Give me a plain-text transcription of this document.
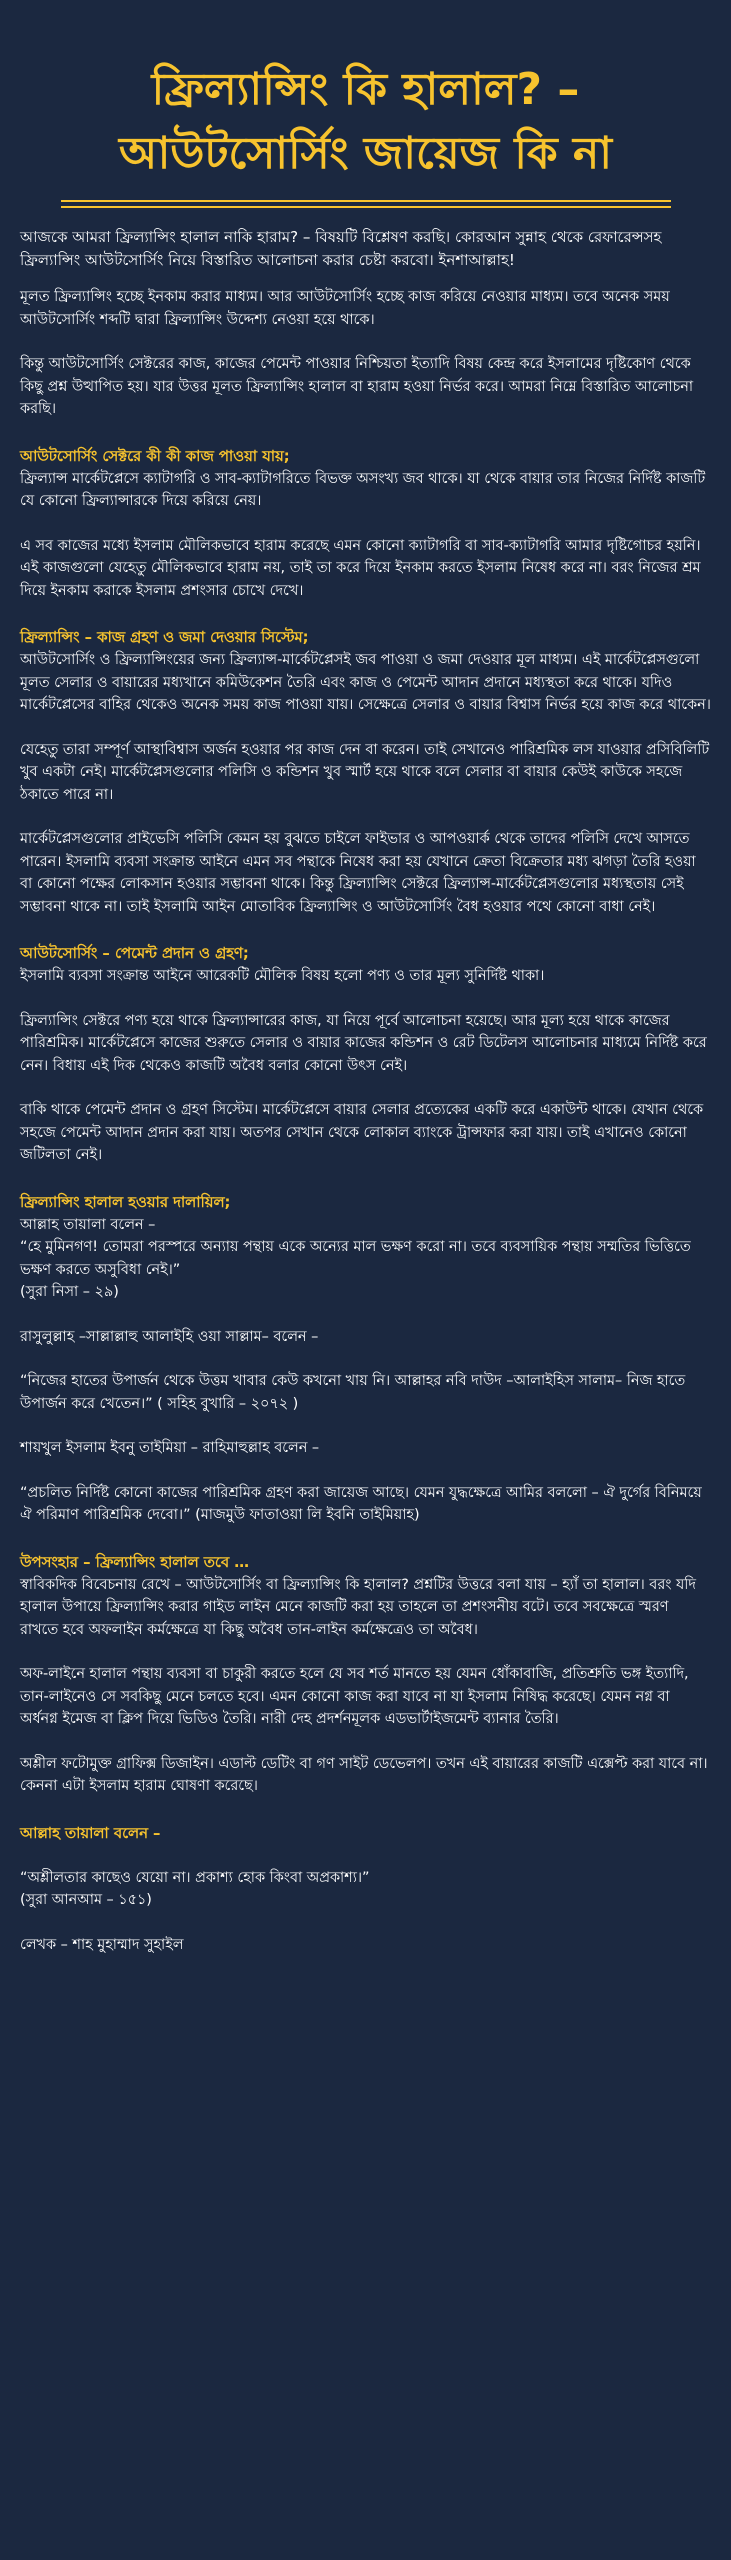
ফ্রিল্যান্সিং কি হালাল? –
আউটসোর্সিং জায়েজ কি না

আজকে আমরা ফ্রিল্যান্সিং হালাল নাকি হারাম? – বিষয়টি বিশ্লেষণ করছি। কোরআন সুন্নাহ থেকে রেফারেন্সসহ ফ্রিল্যান্সিং আউটসোর্সিং নিয়ে বিস্তারিত আলোচনা করার চেষ্টা করবো। ইনশাআল্লাহ!

মূলত ফ্রিল্যান্সিং হচ্ছে ইনকাম করার মাধ্যম। আর আউটসোর্সিং হচ্ছে কাজ করিয়ে নেওয়ার মাধ্যম। তবে অনেক সময় আউটসোর্সিং শব্দটি দ্বারা ফ্রিল্যান্সিং উদ্দেশ্য নেওয়া হয়ে থাকে।

কিন্তু আউটসোর্সিং সেক্টরের কাজ, কাজের পেমেন্ট পাওয়ার নিশ্চিয়তা ইত্যাদি বিষয় কেন্দ্র করে ইসলামের দৃষ্টিকোণ থেকে কিছু প্রশ্ন উত্থাপিত হয়। যার উত্তর মূলত ফ্রিল্যান্সিং হালাল বা হারাম হওয়া নির্ভর করে। আমরা নিম্নে বিস্তারিত আলোচনা করছি।

আউটসোর্সিং সেক্টরে কী কী কাজ পাওয়া যায়;

ফ্রিল্যান্স মার্কেটপ্লেসে ক্যাটাগরি ও সাব-ক্যাটাগরিতে বিভক্ত অসংখ্য জব থাকে। যা থেকে বায়ার তার নিজের নির্দিষ্ট কাজটি যে কোনো ফ্রিল্যান্সারকে দিয়ে করিয়ে নেয়।

এ সব কাজের মধ্যে ইসলাম মৌলিকভাবে হারাম করেছে এমন কোনো ক্যাটাগরি বা সাব-ক্যাটাগরি আমার দৃষ্টিগোচর হয়নি। এই কাজগুলো যেহেতু মৌলিকভাবে হারাম নয়, তাই তা করে দিয়ে ইনকাম করতে ইসলাম নিষেধ করে না। বরং নিজের শ্রম দিয়ে ইনকাম করাকে ইসলাম প্রশংসার চোখে দেখে।

ফ্রিল্যান্সিং – কাজ গ্রহণ ও জমা দেওয়ার সিস্টেম;

আউটসোর্সিং ও ফ্রিল্যান্সিংয়ের জন্য ফ্রিল্যান্স-মার্কেটপ্লেসই জব পাওয়া ও জমা দেওয়ার মূল মাধ্যম। এই মার্কেটপ্লেসগুলো মূলত সেলার ও বায়ারের মধ্যখানে কমিউকেশন তৈরি এবং কাজ ও পেমেন্ট আদান প্রদানে মধ্যস্থতা করে থাকে। যদিও মার্কেটপ্লেসের বাহির থেকেও অনেক সময় কাজ পাওয়া যায়। সেক্ষেত্রে সেলার ও বায়ার বিশ্বাস নির্ভর হয়ে কাজ করে থাকেন।

যেহেতু তারা সম্পূর্ণ আস্থাবিশ্বাস অর্জন হওয়ার পর কাজ দেন বা করেন। তাই সেখানেও পারিশ্রমিক লস যাওয়ার প্রসিবিলিটি খুব একটা নেই। মার্কেটপ্লেসগুলোর পলিসি ও কন্ডিশন খুব স্মার্ট হয়ে থাকে বলে সেলার বা বায়ার কেউই কাউকে সহজে ঠকাতে পারে না।

মার্কেটপ্লেসগুলোর প্রাইভেসি পলিসি কেমন হয় বুঝতে চাইলে ফাইভার ও আপওয়ার্ক থেকে তাদের পলিসি দেখে আসতে পারেন। ইসলামি ব্যবসা সংক্রান্ত আইনে এমন সব পন্থাকে নিষেধ করা হয় যেখানে ক্রেতা বিক্রেতার মধ্য ঝগড়া তৈরি হওয়া বা কোনো পক্ষের লোকসান হওয়ার সম্ভাবনা থাকে। কিন্তু ফ্রিল্যান্সিং সেক্টরে ফ্রিল্যান্স-মার্কেটপ্লেসগুলোর মধ্যস্থতায় সেই সম্ভাবনা থাকে না। তাই ইসলামি আইন মোতাবিক ফ্রিল্যান্সিং ও আউটসোর্সিং বৈধ হওয়ার পথে কোনো বাধা নেই।

আউটসোর্সিং – পেমেন্ট প্রদান ও গ্রহণ;

ইসলামি ব্যবসা সংক্রান্ত আইনে আরেকটি মৌলিক বিষয় হলো পণ্য ও তার মূল্য সুনির্দিষ্ট থাকা।

ফ্রিল্যান্সিং সেক্টরে পণ্য হয়ে থাকে ফ্রিল্যান্সারের কাজ, যা নিয়ে পূর্বে আলোচনা হয়েছে। আর মূল্য হয়ে থাকে কাজের পারিশ্রমিক। মার্কেটপ্লেসে কাজের শুরুতে সেলার ও বায়ার কাজের কন্ডিশন ও রেট ডিটেলস আলোচনার মাধ্যমে নির্দিষ্ট করে নেন। বিধায় এই দিক থেকেও কাজটি অবৈধ বলার কোনো উৎস নেই।

বাকি থাকে পেমেন্ট প্রদান ও গ্রহণ সিস্টেম। মার্কেটপ্লেসে বায়ার সেলার প্রত্যেকের একটি করে একাউন্ট থাকে। যেখান থেকে সহজে পেমেন্ট আদান প্রদান করা যায়। অতপর সেখান থেকে লোকাল ব্যাংকে ট্রান্সফার করা যায়। তাই এখানেও কোনো জটিলতা নেই।

ফ্রিল্যান্সিং হালাল হওয়ার দালায়িল;

আল্লাহ তায়ালা বলেন –
“হে মুমিনগণ! তোমরা পরস্পরে অন্যায় পন্থায় একে অন্যের মাল ভক্ষণ করো না। তবে ব্যবসায়িক পন্থায় সম্মতির ভিত্তিতে ভক্ষণ করতে অসুবিধা নেই।”
(সুরা নিসা – ২৯)

রাসুলুল্লাহ –সাল্লাল্লাহু আলাইহি ওয়া সাল্লাম– বলেন –

“নিজের হাতের উপার্জন থেকে উত্তম খাবার কেউ কখনো খায় নি। আল্লাহর নবি দাউদ –আলাইহিস সালাম– নিজ হাতে উপার্জন করে খেতেন।” ( সহিহ বুখারি – ২০৭২ )

শায়খুল ইসলাম ইবনু তাইমিয়া – রাহিমাহুল্লাহ বলেন –

“প্রচলিত নির্দিষ্ট কোনো কাজের পারিশ্রমিক গ্রহণ করা জায়েজ আছে। যেমন যুদ্ধক্ষেত্রে আমির বললো – ঐ দুর্গের বিনিময়ে ঐ পরিমাণ পারিশ্রমিক দেবো।” (মাজমুউ ফাতাওয়া লি ইবনি তাইমিয়াহ)

উপসংহার – ফ্রিল্যান্সিং হালাল তবে …

স্বাবিকদিক বিবেচনায় রেখে – আউটসোর্সিং বা ফ্রিল্যান্সিং কি হালাল? প্রশ্নটির উত্তরে বলা যায় – হ্যাঁ তা হালাল। বরং যদি হালাল উপায়ে ফ্রিল্যান্সিং করার গাইড লাইন মেনে কাজটি করা হয় তাহলে তা প্রশংসনীয় বটে। তবে সবক্ষেত্রে স্মরণ রাখতে হবে অফলাইন কর্মক্ষেত্রে যা কিছু অবৈধ তান-লাইন কর্মক্ষেত্রেও তা অবৈধ।

অফ-লাইনে হালাল পন্থায় ব্যবসা বা চাকুরী করতে হলে যে সব শর্ত মানতে হয় যেমন ধোঁকাবাজি, প্রতিশ্রুতি ভঙ্গ ইত্যাদি, তান-লাইনেও সে সবকিছু মেনে চলতে হবে। এমন কোনো কাজ করা যাবে না যা ইসলাম নিষিদ্ধ করেছে। যেমন নগ্ন বা অর্ধনগ্ন ইমেজ বা ক্লিপ দিয়ে ভিডিও তৈরি। নারী দেহ প্রদর্শনমূলক এডভার্টাইজমেন্ট ব্যানার তৈরি।

অশ্লীল ফটোমুক্ত গ্রাফিক্স ডিজাইন। এডাল্ট ডেটিং বা গণ সাইট ডেভেলপ। তখন এই বায়ারের কাজটি এক্সেপ্ট করা যাবে না। কেননা এটা ইসলাম হারাম ঘোষণা করেছে।

আল্লাহ তায়ালা বলেন –

“অশ্লীলতার কাছেও যেয়ো না। প্রকাশ্য হোক কিংবা অপ্রকাশ্য।”
(সুরা আনআম – ১৫১)

লেখক – শাহ মুহাম্মাদ সুহাইল
